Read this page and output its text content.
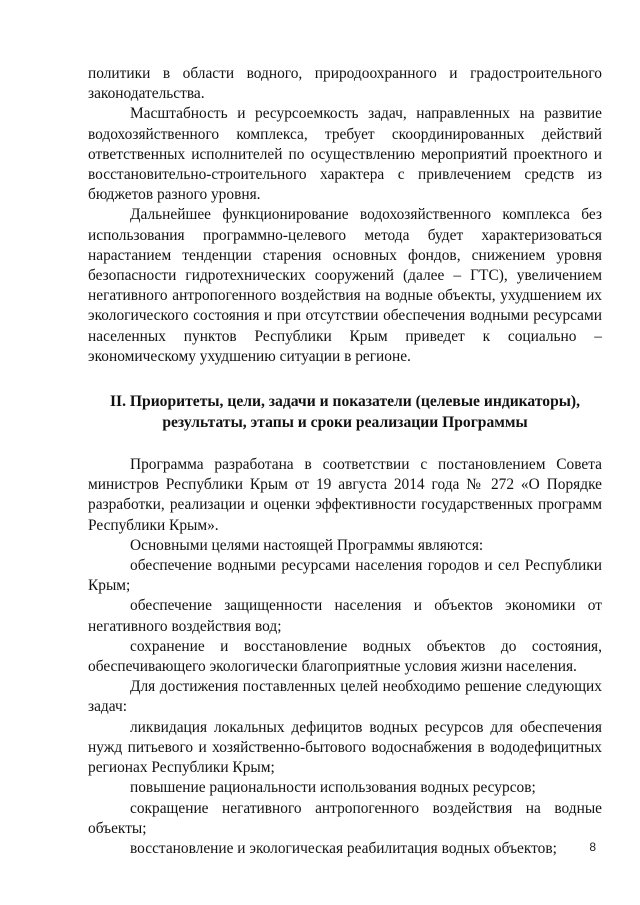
политики в области водного, природоохранного и градостроительного законодательства.

Масштабность и ресурсоемкость задач, направленных на развитие водохозяйственного комплекса, требует скоординированных действий ответственных исполнителей по осуществлению мероприятий проектного и восстановительно-строительного характера с привлечением средств из бюджетов разного уровня.

Дальнейшее функционирование водохозяйственного комплекса без использования программно-целевого метода будет характеризоваться нарастанием тенденции старения основных фондов, снижением уровня безопасности гидротехнических сооружений (далее – ГТС), увеличением негативного антропогенного воздействия на водные объекты, ухудшением их экологического состояния и при отсутствии обеспечения водными ресурсами населенных пунктов Республики Крым приведет к социально – экономическому ухудшению ситуации в регионе.

II. Приоритеты, цели, задачи и показатели (целевые индикаторы),
результаты, этапы и сроки реализации Программы

Программа разработана в соответствии с постановлением Совета министров Республики Крым от 19 августа 2014 года № 272 «О Порядке разработки, реализации и оценки эффективности государственных программ Республики Крым».

Основными целями настоящей Программы являются:

обеспечение водными ресурсами населения городов и сел Республики Крым;

обеспечение защищенности населения и объектов экономики от негативного воздействия вод;

сохранение и восстановление водных объектов до состояния, обеспечивающего экологически благоприятные условия жизни населения.

Для достижения поставленных целей необходимо решение следующих задач:

ликвидация локальных дефицитов водных ресурсов для обеспечения нужд питьевого и хозяйственно-бытового водоснабжения в вододефицитных регионах Республики Крым;

повышение рациональности использования водных ресурсов;

сокращение негативного антропогенного воздействия на водные объекты;

восстановление и экологическая реабилитация водных объектов;	8
